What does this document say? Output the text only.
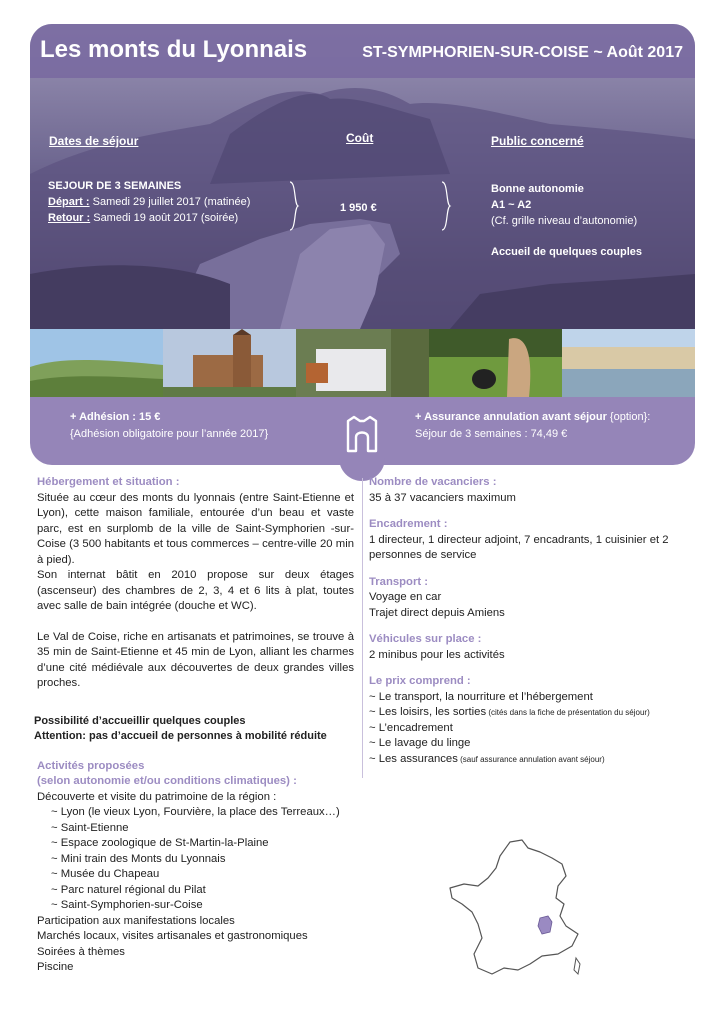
Les monts du Lyonnais	ST-SYMPHORIEN-SUR-COISE ~ Août 2017
Dates de séjour	Coût	Public concerné
SEJOUR DE 3 SEMAINES
Départ : Samedi 29 juillet 2017 (matinée)
Retour : Samedi 19 août 2017 (soirée)
1 950 €
Bonne autonomie
A1 ~ A2
(Cf. grille niveau d’autonomie)
Accueil de quelques couples
+ Adhésion : 15 €
{Adhésion obligatoire pour l’année 2017}
+ Assurance annulation avant séjour {option}:
Séjour de 3 semaines : 74,49 €
Hébergement et situation :

Située au cœur des monts du lyonnais (entre Saint-Etienne et Lyon), cette maison familiale, entourée d’un beau et vaste parc, est en surplomb de la ville de Saint-Symphorien -sur-Coise (3 500 habitants et tous commerces – centre-ville 20 min à pied).

Son internat bâtit en 2010 propose sur deux étages (ascenseur) des chambres de 2, 3, 4 et 6 lits à plat, toutes avec salle de bain intégrée (douche et WC).

Le Val de Coise, riche en artisanats et patrimoines, se trouve à 35 min de Saint-Etienne et 45 min de Lyon, alliant les charmes d’une cité médiévale aux découvertes de deux grandes villes proches.

Possibilité d’accueillir quelques couples
Attention: pas d’accueil de personnes à mobilité réduite
Activités proposées
(selon autonomie et/ou conditions climatiques) :
Découverte et visite du patrimoine de la région :
~ Lyon (le vieux Lyon, Fourvière, la place des Terreaux…)
~ Saint-Etienne
~ Espace zoologique de St-Martin-la-Plaine
~ Mini train des Monts du Lyonnais
~ Musée du Chapeau
~ Parc naturel régional du Pilat
~ Saint-Symphorien-sur-Coise
Participation aux manifestations locales
Marchés locaux, visites artisanales et gastronomiques
Soirées à thèmes
Piscine
Nombre de vacanciers :
35 à 37 vacanciers maximum
Encadrement :
1 directeur, 1 directeur adjoint, 7 encadrants, 1 cuisinier et 2 personnes de service
Transport :
Voyage en car
Trajet direct depuis Amiens
Véhicules sur place :
2 minibus pour les activités
Le prix comprend :
~ Le transport, la nourriture et l’hébergement
~ Les loisirs, les sorties (cités dans la fiche de présentation du séjour)
~ L’encadrement
~ Le lavage du linge
~ Les assurances (sauf assurance annulation avant séjour)
